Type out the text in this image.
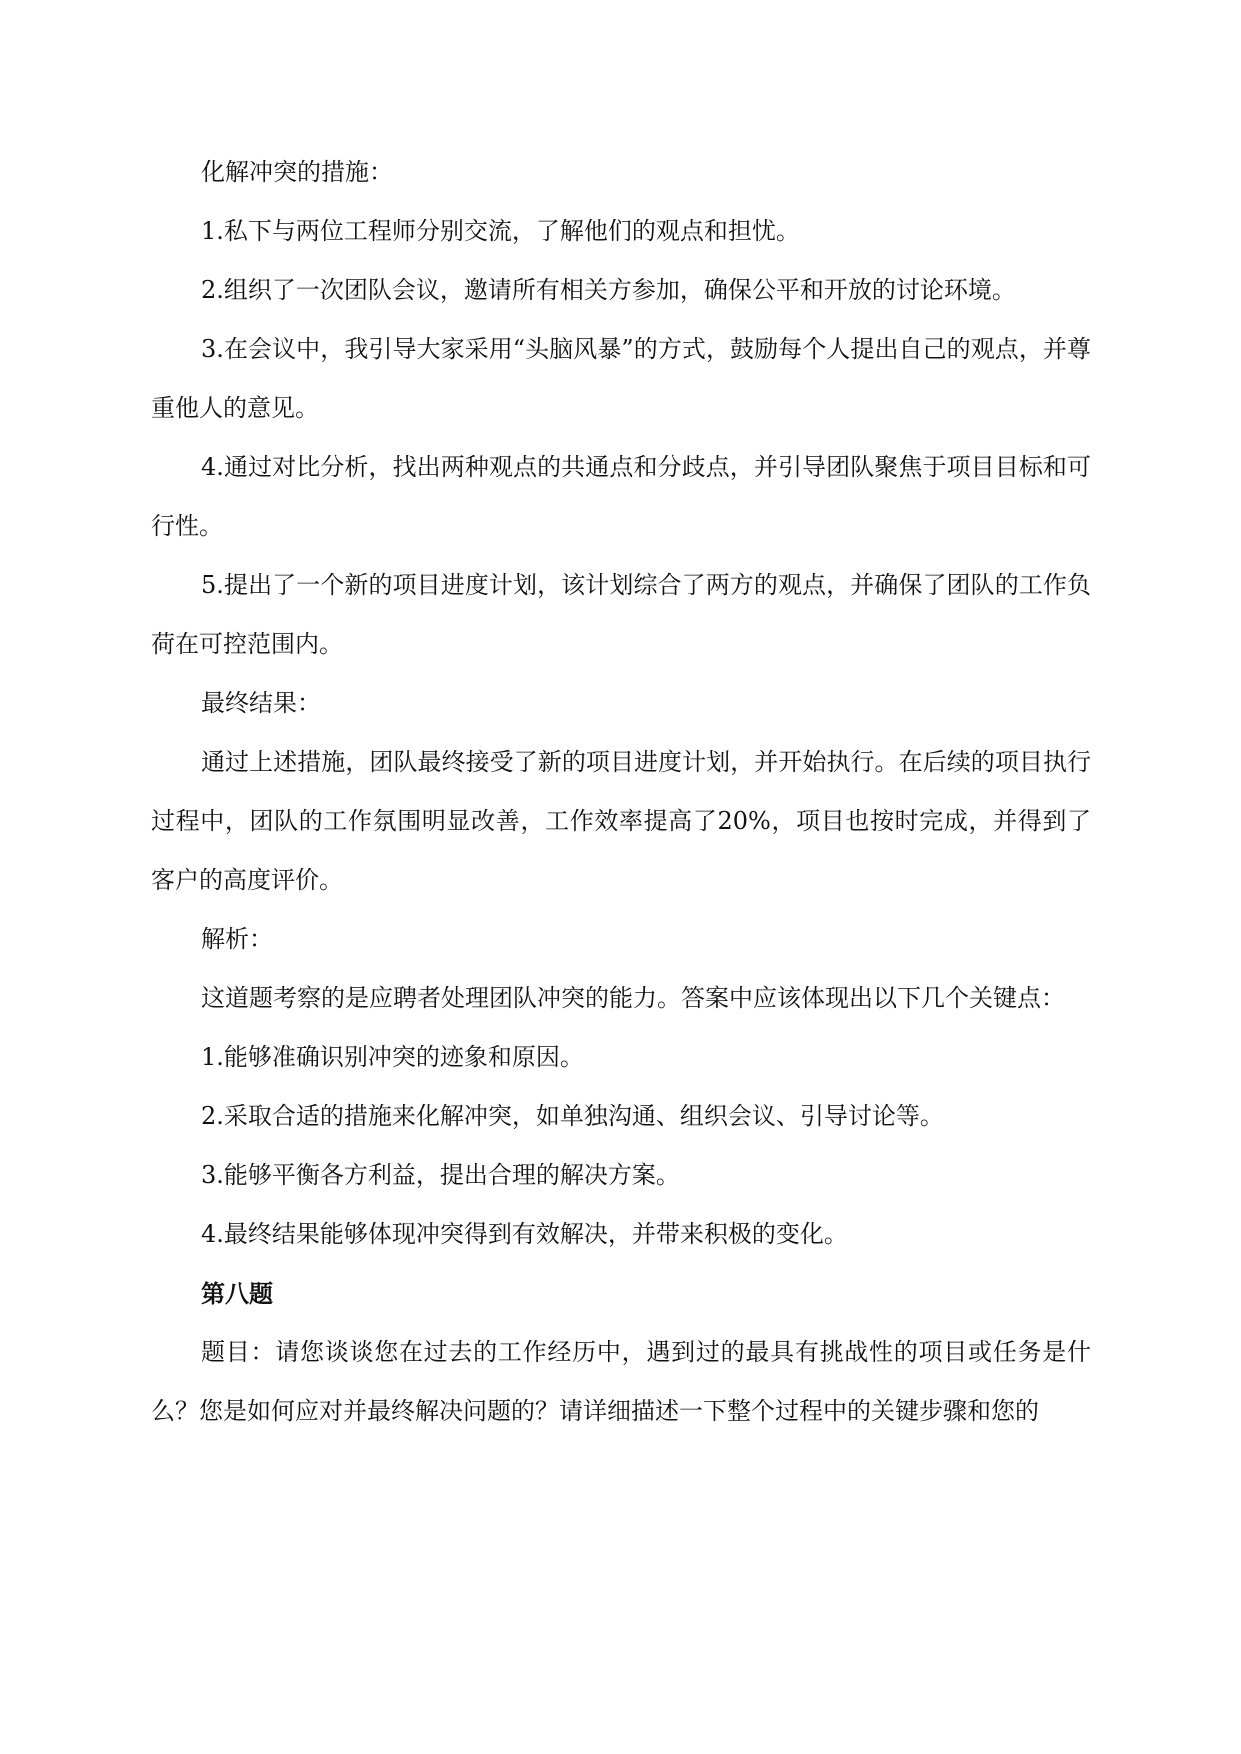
化解冲突的措施：

1.私下与两位工程师分别交流，了解他们的观点和担忧。

2.组织了一次团队会议，邀请所有相关方参加，确保公平和开放的讨论环境。

3.在会议中，我引导大家采用“头脑风暴”的方式，鼓励每个人提出自己的观点，并尊重他人的意见。

4.通过对比分析，找出两种观点的共通点和分歧点，并引导团队聚焦于项目目标和可行性。

5.提出了一个新的项目进度计划，该计划综合了两方的观点，并确保了团队的工作负荷在可控范围内。

最终结果：

通过上述措施，团队最终接受了新的项目进度计划，并开始执行。在后续的项目执行过程中，团队的工作氛围明显改善，工作效率提高了20%，项目也按时完成，并得到了客户的高度评价。

解析：

这道题考察的是应聘者处理团队冲突的能力。答案中应该体现出以下几个关键点：

1.能够准确识别冲突的迹象和原因。

2.采取合适的措施来化解冲突，如单独沟通、组织会议、引导讨论等。

3.能够平衡各方利益，提出合理的解决方案。

4.最终结果能够体现冲突得到有效解决，并带来积极的变化。

第八题

题目：请您谈谈您在过去的工作经历中，遇到过的最具有挑战性的项目或任务是什么？您是如何应对并最终解决问题的？请详细描述一下整个过程中的关键步骤和您的
